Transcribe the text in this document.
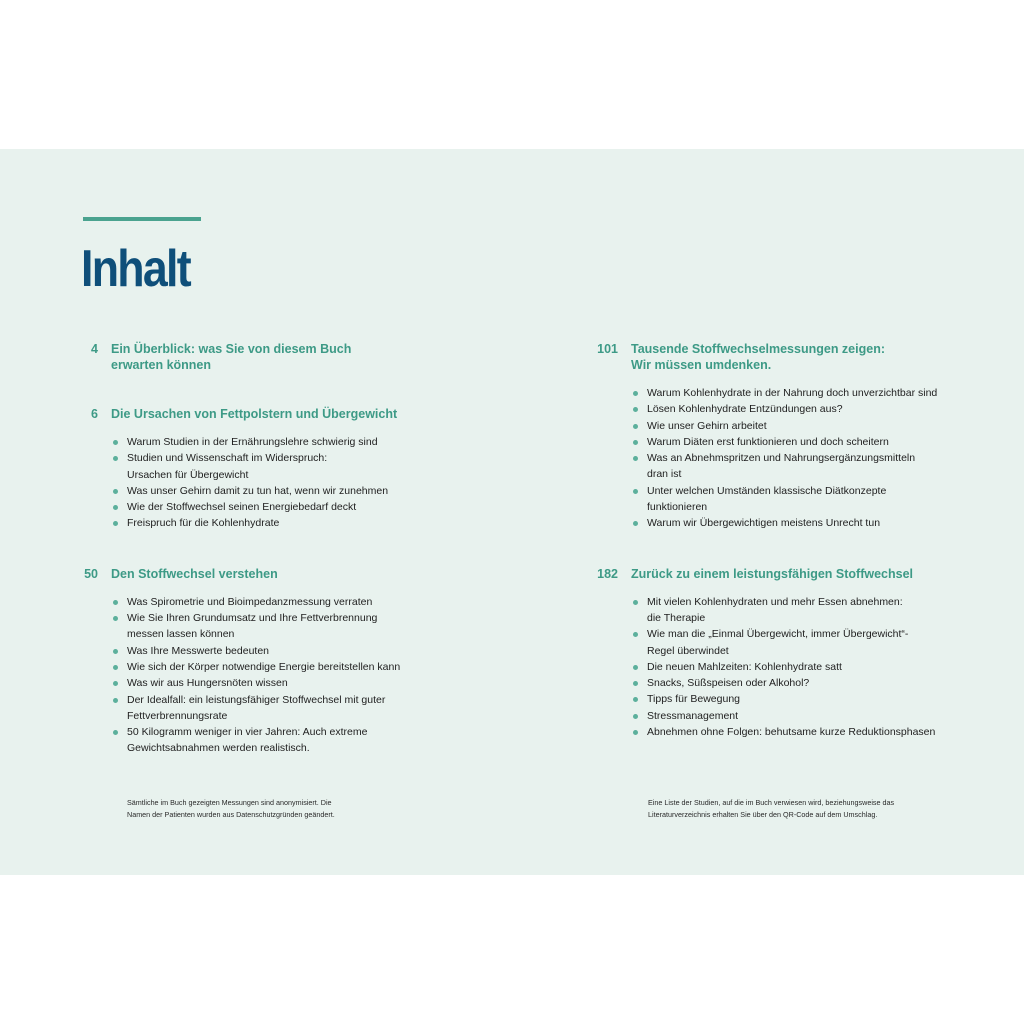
Inhalt
4 Ein Überblick: was Sie von diesem Buch
erwarten können
6 Die Ursachen von Fettpolstern und Übergewicht
Warum Studien in der Ernährungslehre schwierig sind
Studien und Wissenschaft im Widerspruch:
Ursachen für Übergewicht
Was unser Gehirn damit zu tun hat, wenn wir zunehmen
Wie der Stoffwechsel seinen Energiebedarf deckt
Freispruch für die Kohlenhydrate
50 Den Stoffwechsel verstehen
Was Spirometrie und Bioimpedanzmessung verraten
Wie Sie Ihren Grundumsatz und Ihre Fettverbrennung
messen lassen können
Was Ihre Messwerte bedeuten
Wie sich der Körper notwendige Energie bereitstellen kann
Was wir aus Hungersnöten wissen
Der Idealfall: ein leistungsfähiger Stoffwechsel mit guter
Fettverbrennungsrate
50 Kilogramm weniger in vier Jahren: Auch extreme
Gewichtsabnahmen werden realistisch.
101 Tausende Stoffwechselmessungen zeigen:
Wir müssen umdenken.
Warum Kohlenhydrate in der Nahrung doch unverzichtbar sind
Lösen Kohlenhydrate Entzündungen aus?
Wie unser Gehirn arbeitet
Warum Diäten erst funktionieren und doch scheitern
Was an Abnehmspritzen und Nahrungsergänzungsmitteln
dran ist
Unter welchen Umständen klassische Diätkonzepte
funktionieren
Warum wir Übergewichtigen meistens Unrecht tun
182 Zurück zu einem leistungsfähigen Stoffwechsel
Mit vielen Kohlenhydraten und mehr Essen abnehmen:
die Therapie
Wie man die „Einmal Übergewicht, immer Übergewicht“-
Regel überwindet
Die neuen Mahlzeiten: Kohlenhydrate satt
Snacks, Süßspeisen oder Alkohol?
Tipps für Bewegung
Stressmanagement
Abnehmen ohne Folgen: behutsame kurze Reduktionsphasen
Sämtliche im Buch gezeigten Messungen sind anonymisiert. Die
Namen der Patienten wurden aus Datenschutzgründen geändert.
Eine Liste der Studien, auf die im Buch verwiesen wird, beziehungsweise das
Literaturverzeichnis erhalten Sie über den QR-Code auf dem Umschlag.
